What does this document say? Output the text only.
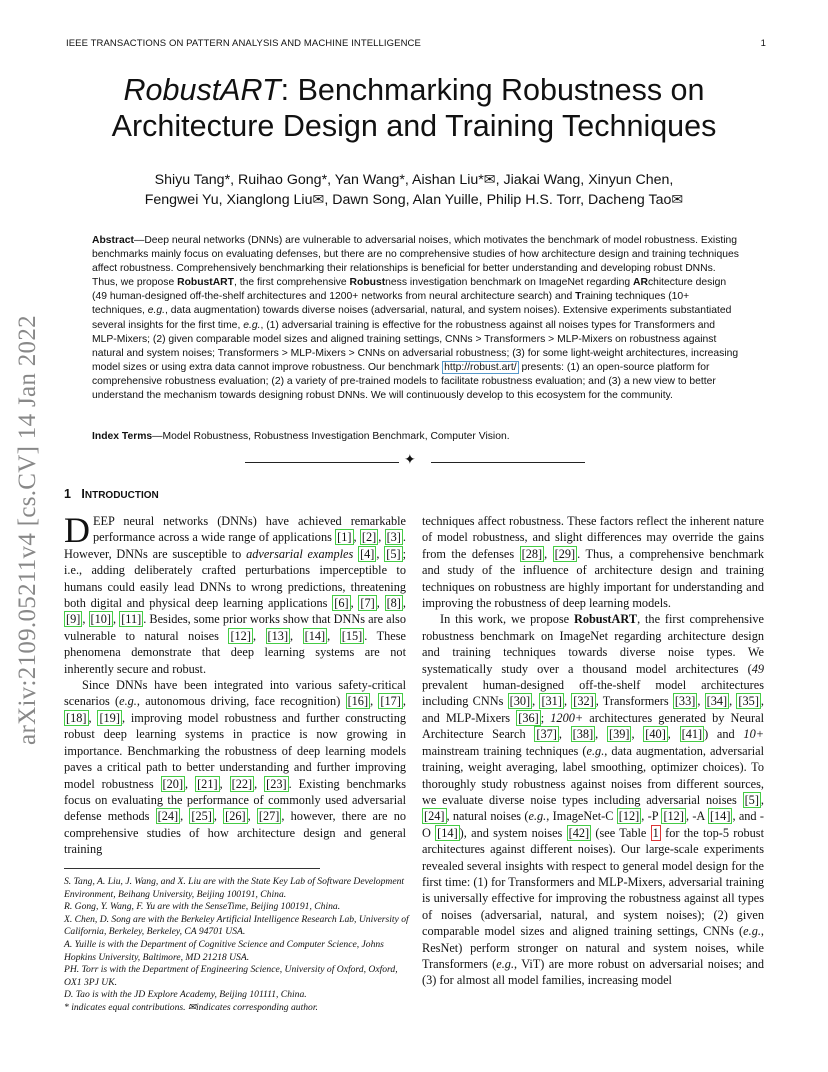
IEEE TRANSACTIONS ON PATTERN ANALYSIS AND MACHINE INTELLIGENCE	1
arXiv:2109.05211v4 [cs.CV] 14 Jan 2022
RobustART: Benchmarking Robustness on
Architecture Design and Training Techniques
Shiyu Tang*, Ruihao Gong*, Yan Wang*, Aishan Liu*✉, Jiakai Wang, Xinyun Chen,
Fengwei Yu, Xianglong Liu✉, Dawn Song, Alan Yuille, Philip H.S. Torr, Dacheng Tao✉
Abstract—Deep neural networks (DNNs) are vulnerable to adversarial noises, which motivates the benchmark of model robustness. Existing benchmarks mainly focus on evaluating defenses, but there are no comprehensive studies of how architecture design and training techniques affect robustness. Comprehensively benchmarking their relationships is beneficial for better understanding and developing robust DNNs. Thus, we propose RobustART, the first comprehensive Robustness investigation benchmark on ImageNet regarding ARchitecture design (49 human-designed off-the-shelf architectures and 1200+ networks from neural architecture search) and Training techniques (10+ techniques, e.g., data augmentation) towards diverse noises (adversarial, natural, and system noises). Extensive experiments substantiated several insights for the first time, e.g., (1) adversarial training is effective for the robustness against all noises types for Transformers and MLP-Mixers; (2) given comparable model sizes and aligned training settings, CNNs > Transformers > MLP-Mixers on robustness against natural and system noises; Transformers > MLP-Mixers > CNNs on adversarial robustness; (3) for some light-weight architectures, increasing model sizes or using extra data cannot improve robustness. Our benchmark http://robust.art/ presents: (1) an open-source platform for comprehensive robustness evaluation; (2) a variety of pre-trained models to facilitate robustness evaluation; and (3) a new view to better understand the mechanism towards designing robust DNNs. We will continuously develop to this ecosystem for the community.
Index Terms—Model Robustness, Robustness Investigation Benchmark, Computer Vision.
✦
1 INTRODUCTION

DEEP neural networks (DNNs) have achieved remarkable performance across a wide range of applications [1] , [2] , [3] . However, DNNs are susceptible to adversarial examples [4] , [5] ; i.e., adding deliberately crafted perturbations imperceptible to humans could easily lead DNNs to wrong predictions, threatening both digital and physical deep learning applications [6] , [7] , [8] , [9] , [10] , [11] . Besides, some prior works show that DNNs are also vulnerable to natural noises [12] , [13] , [14] , [15] . These phenomena demonstrate that deep learning systems are not inherently secure and robust.

Since DNNs have been integrated into various safety-critical scenarios (e.g., autonomous driving, face recognition) [16] , [17] , [18] , [19] , improving model robustness and further constructing robust deep learning systems in practice is now growing in importance. Benchmarking the robustness of deep learning models paves a critical path to better understanding and further improving model robustness [20] , [21] , [22] , [23] . Existing benchmarks focus on evaluating the performance of commonly used adversarial defense methods [24] , [25] , [26] , [27] , however, there are no comprehensive studies of how architecture design and general training

S. Tang, A. Liu, J. Wang, and X. Liu are with the State Key Lab of Software Development Environment, Beihang University, Beijing 100191, China.
R. Gong, Y. Wang, F. Yu are with the SenseTime, Beijing 100191, China.
X. Chen, D. Song are with the Berkeley Artificial Intelligence Research Lab, University of California, Berkeley, Berkeley, CA 94701 USA.
A. Yuille is with the Department of Cognitive Science and Computer Science, Johns Hopkins University, Baltimore, MD 21218 USA.
PH. Torr is with the Department of Engineering Science, University of Oxford, Oxford, OX1 3PJ UK.
D. Tao is with the JD Explore Academy, Beijing 101111, China.
* indicates equal contributions. ✉indicates corresponding author.

techniques affect robustness. These factors reflect the inherent nature of model robustness, and slight differences may override the gains from the defenses [28] , [29] . Thus, a comprehensive benchmark and study of the influence of architecture design and training techniques on robustness are highly important for understanding and improving the robustness of deep learning models.

In this work, we propose RobustART, the first comprehensive robustness benchmark on ImageNet regarding architecture design and training techniques towards diverse noise types. We systematically study over a thousand model architectures (49 prevalent human-designed off-the-shelf model architectures including CNNs [30] , [31] , [32] , Transformers [33] , [34] , [35] , and MLP-Mixers [36] ; 1200+ architectures generated by Neural Architecture Search [37] , [38] , [39] , [40] , [41] ) and 10+ mainstream training techniques (e.g., data augmentation, adversarial training, weight averaging, label smoothing, optimizer choices). To thoroughly study robustness against noises from different sources, we evaluate diverse noise types including adversarial noises [5] , [24] , natural noises (e.g., ImageNet-C [12] , -P [12] , -A [14] , and -O [14] ), and system noises [42] (see Table 1 for the top-5 robust architectures against different noises). Our large-scale experiments revealed several insights with respect to general model design for the first time: (1) for Transformers and MLP-Mixers, adversarial training is universally effective for improving the robustness against all types of noises (adversarial, natural, and system noises); (2) given comparable model sizes and aligned training settings, CNNs (e.g., ResNet) perform stronger on natural and system noises, while Transformers (e.g., ViT) are more robust on adversarial noises; and (3) for almost all model families, increasing model
